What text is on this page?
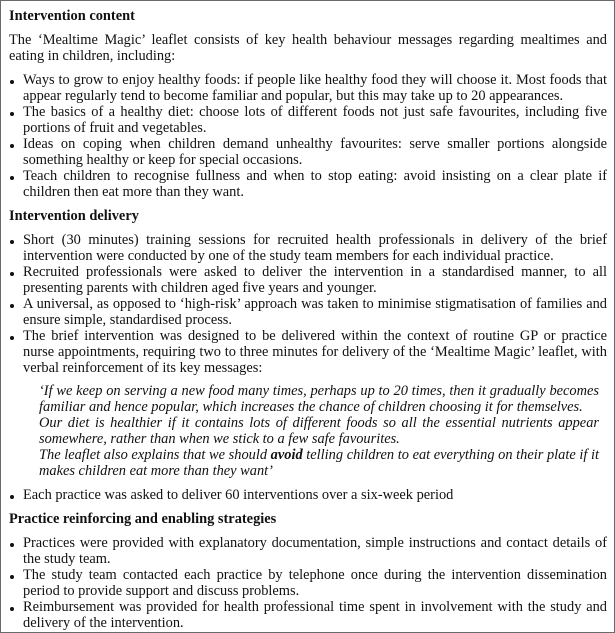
Intervention content

The ‘Mealtime Magic’ leaflet consists of key health behaviour messages regarding mealtimes and eating in children, including:

Ways to grow to enjoy healthy foods: if people like healthy food they will choose it. Most foods that appear regularly tend to become familiar and popular, but this may take up to 20 appearances.
The basics of a healthy diet: choose lots of different foods not just safe favourites, including five portions of fruit and vegetables.
Ideas on coping when children demand unhealthy favourites: serve smaller portions alongside something healthy or keep for special occasions.
Teach children to recognise fullness and when to stop eating: avoid insisting on a clear plate if children then eat more than they want.
Intervention delivery
Short (30 minutes) training sessions for recruited health professionals in delivery of the brief intervention were conducted by one of the study team members for each individual practice.
Recruited professionals were asked to deliver the intervention in a standardised manner, to all presenting parents with children aged five years and younger.
A universal, as opposed to ‘high-risk’ approach was taken to minimise stigmatisation of families and ensure simple, standardised process.
The brief intervention was designed to be delivered within the context of routine GP or practice nurse appointments, requiring two to three minutes for delivery of the ‘Mealtime Magic’ leaflet, with verbal reinforcement of its key messages:
‘If we keep on serving a new food many times, perhaps up to 20 times, then it gradually becomes familiar and hence popular, which increases the chance of children choosing it for themselves.
Our diet is healthier if it contains lots of different foods so all the essential nutrients appear somewhere, rather than when we stick to a few safe favourites.
The leaflet also explains that we should avoid telling children to eat everything on their plate if it makes children eat more than they want’
Each practice was asked to deliver 60 interventions over a six-week period
Practice reinforcing and enabling strategies
Practices were provided with explanatory documentation, simple instructions and contact details of the study team.
The study team contacted each practice by telephone once during the intervention dissemination period to provide support and discuss problems.
Reimbursement was provided for health professional time spent in involvement with the study and delivery of the intervention.
